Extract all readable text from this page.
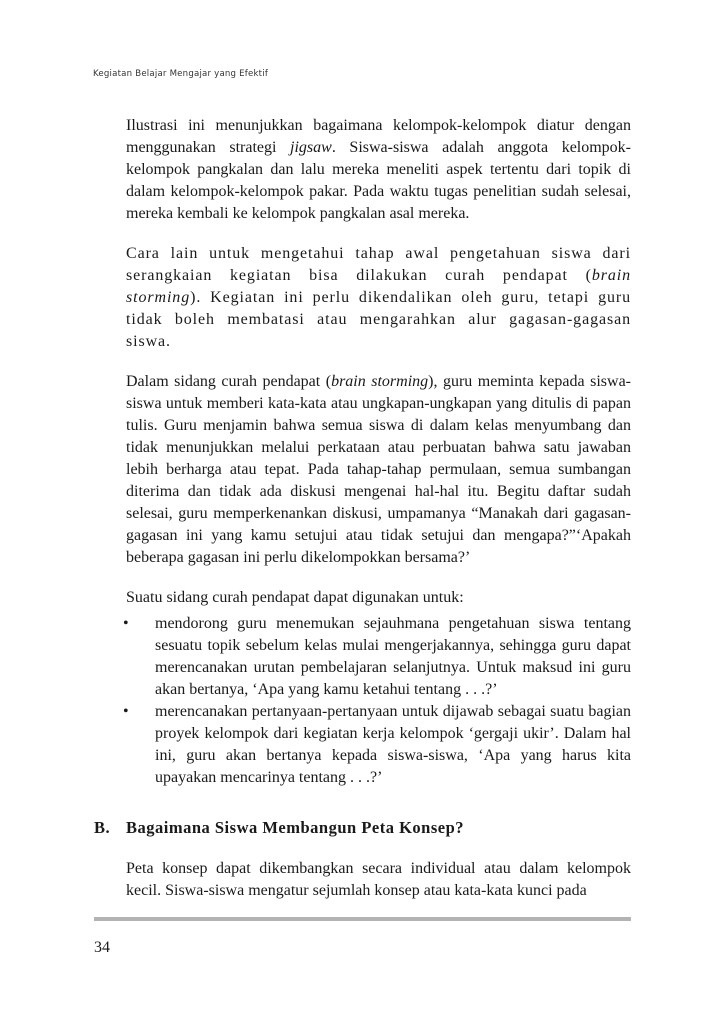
Kegiatan Belajar Mengajar yang Efektif

Ilustrasi ini menunjukkan bagaimana kelompok-kelompok diatur dengan menggunakan strategi jigsaw. Siswa-siswa adalah anggota kelompok-kelompok pangkalan dan lalu mereka meneliti aspek tertentu dari topik di dalam kelompok-kelompok pakar. Pada waktu tugas penelitian sudah selesai, mereka kembali ke kelompok pangkalan asal mereka.

Cara lain untuk mengetahui tahap awal pengetahuan siswa dari serangkaian kegiatan bisa dilakukan curah pendapat (brain storming). Kegiatan ini perlu dikendalikan oleh guru, tetapi guru tidak boleh membatasi atau mengarahkan alur gagasan-gagasan siswa.

Dalam sidang curah pendapat (brain storming), guru meminta kepada siswa-siswa untuk memberi kata-kata atau ungkapan-ungkapan yang ditulis di papan tulis. Guru menjamin bahwa semua siswa di dalam kelas menyumbang dan tidak menunjukkan melalui perkataan atau perbuatan bahwa satu jawaban lebih berharga atau tepat. Pada tahap-tahap permulaan, semua sumbangan diterima dan tidak ada diskusi mengenai hal-hal itu. Begitu daftar sudah selesai, guru memperkenankan diskusi, umpamanya “Manakah dari gagasan-gagasan ini yang kamu setujui atau tidak setujui dan mengapa?”‘Apakah beberapa gagasan ini perlu dikelompokkan bersama?’

Suatu sidang curah pendapat dapat digunakan untuk:

• mendorong guru menemukan sejauhmana pengetahuan siswa tentang sesuatu topik sebelum kelas mulai mengerjakannya, sehingga guru dapat merencanakan urutan pembelajaran selanjutnya. Untuk maksud ini guru akan bertanya, ‘Apa yang kamu ketahui tentang . . .?’
• merencanakan pertanyaan-pertanyaan untuk dijawab sebagai suatu bagian proyek kelompok dari kegiatan kerja kelompok ‘gergaji ukir’. Dalam hal ini, guru akan bertanya kepada siswa-siswa, ‘Apa yang harus kita upayakan mencarinya tentang . . .?’
B. Bagaimana Siswa Membangun Peta Konsep?

Peta konsep dapat dikembangkan secara individual atau dalam kelompok kecil. Siswa-siswa mengatur sejumlah konsep atau kata-kata kunci pada

34
